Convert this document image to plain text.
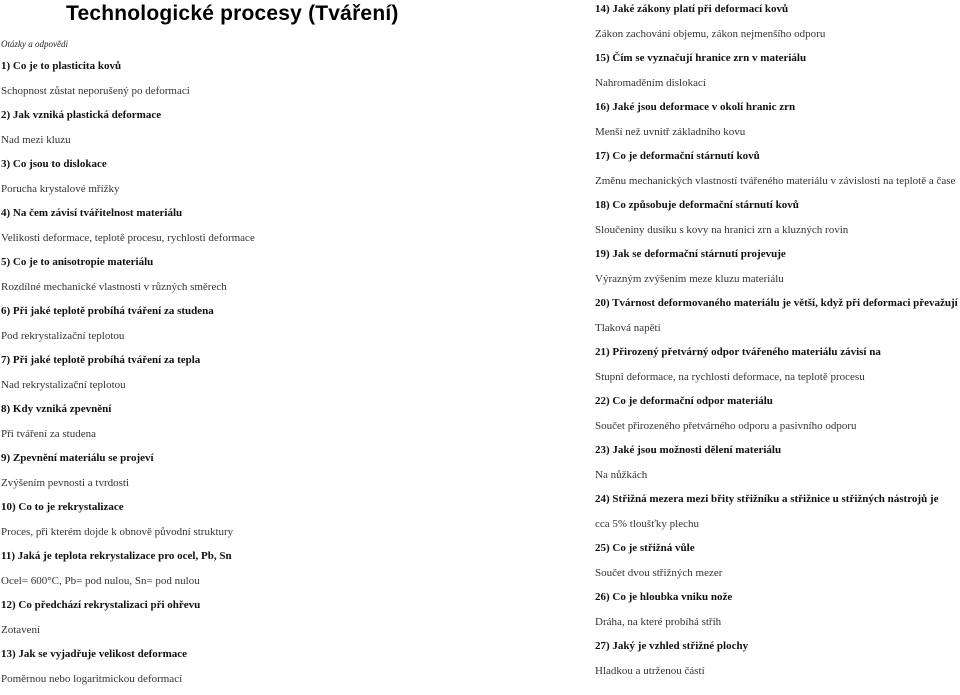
Technologické procesy (Tváření)
Otázky a odpovědi
1) Co je to plasticita kovů
Schopnost zůstat neporušený po deformaci
2) Jak vzniká plastická deformace
Nad mezi kluzu
3) Co jsou to dislokace
Porucha krystalové mřížky
4) Na čem závisí tvářitelnost materiálu
Velikosti deformace, teplotě procesu, rychlosti deformace
5) Co je to anisotropie materiálu
Rozdílné mechanické vlastnosti v různých směrech
6) Při jaké teplotě probíhá tváření za studena
Pod rekrystalizační teplotou
7) Při jaké teplotě probíhá tváření za tepla
Nad rekrystalizační teplotou
8) Kdy vzniká zpevnění
Při tváření za studena
9) Zpevnění materiálu se projeví
Zvýšením pevnosti a tvrdosti
10) Co to je rekrystalizace
Proces, při kterém dojde k obnově původní struktury
11) Jaká je teplota rekrystalizace pro ocel, Pb, Sn
Ocel= 600°C, Pb= pod nulou, Sn= pod nulou
12) Co předchází rekrystalizaci při ohřevu
Zotavení
13) Jak se vyjadřuje velikost deformace
Poměrnou nebo logaritmickou deformací
14) Jaké zákony platí při deformací kovů
Zákon zachování objemu, zákon nejmenšího odporu
15) Čím se vyznačují hranice zrn v materiálu
Nahromaděním dislokací
16) Jaké jsou deformace v okolí hranic zrn
Menší než uvnitř základního kovu
17) Co je deformační stárnutí kovů
Změnu mechanických vlastností tvářeného materiálu v závislosti na teplotě a čase
18) Co způsobuje deformační stárnutí kovů
Sloučeniny dusíku s kovy na hranici zrn a kluzných rovin
19) Jak se deformační stárnutí projevuje
Výrazným zvýšením meze kluzu materiálu
20) Tvárnost deformovaného materiálu je větší, když při deformaci převažují
Tlaková napětí
21) Přirozený přetvárný odpor tvářeného materiálu závisí na
Stupni deformace, na rychlosti deformace, na teplotě procesu
22) Co je deformační odpor materiálu
Součet přirozeného přetvárného odporu a pasivního odporu
23) Jaké jsou možnosti dělení materiálu
Na nůžkách
24) Střižná mezera mezi břity střižníku a střižnice u střižných nástrojů je
cca 5% tloušťky plechu
25) Co je střižná vůle
Součet dvou střižných mezer
26) Co je hloubka vniku nože
Dráha, na které probíhá střih
27) Jaký je vzhled střižné plochy
Hladkou a utrženou částí
